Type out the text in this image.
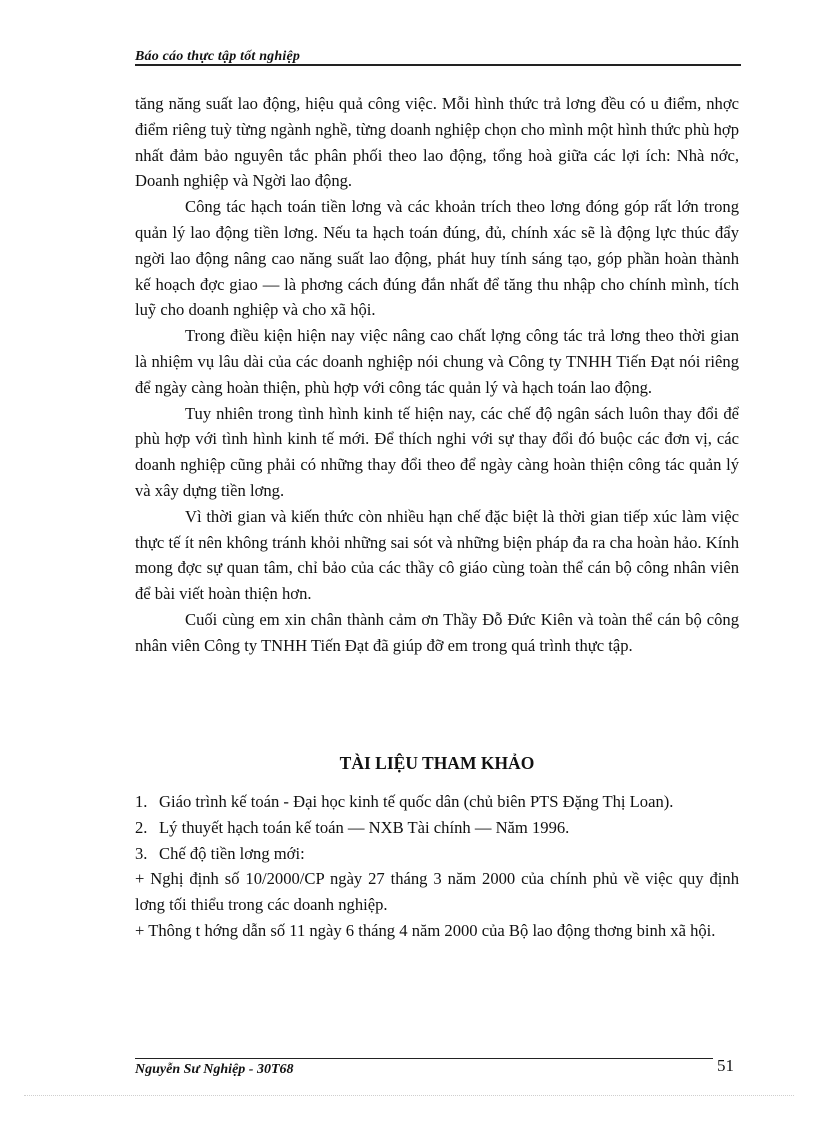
Báo cáo thực tập tốt nghiệp

tăng năng suất lao động, hiệu quả công việc. Mỗi hình thức trả lơng đều có u điểm, nhợc điểm riêng tuỳ từng ngành nghề, từng doanh nghiệp chọn cho mình một hình thức phù hợp nhất đảm bảo nguyên tắc phân phối theo lao động, tổng hoà giữa các lợi ích: Nhà nớc, Doanh nghiệp và Ngời lao động.

Công tác hạch toán tiền lơng và các khoản trích theo lơng đóng góp rất lớn trong quản lý lao động tiền lơng. Nếu ta hạch toán đúng, đủ, chính xác sẽ là động lực thúc đẩy ngời lao động nâng cao năng suất lao động, phát huy tính sáng tạo, góp phần hoàn thành kế hoạch đợc giao — là phơng cách đúng đắn nhất để tăng thu nhập cho chính mình, tích luỹ cho doanh nghiệp và cho xã hội.

Trong điều kiện hiện nay việc nâng cao chất lợng công tác trả lơng theo thời gian là nhiệm vụ lâu dài của các doanh nghiệp nói chung và Công ty TNHH Tiến Đạt nói riêng để ngày càng hoàn thiện, phù hợp với công tác quản lý và hạch toán lao động.

Tuy nhiên trong tình hình kinh tế hiện nay, các chế độ ngân sách luôn thay đổi để phù hợp với tình hình kinh tế mới. Để thích nghi với sự thay đổi đó buộc các đơn vị, các doanh nghiệp cũng phải có những thay đổi theo để ngày càng hoàn thiện công tác quản lý và xây dựng tiền lơng.

Vì thời gian và kiến thức còn nhiều hạn chế đặc biệt là thời gian tiếp xúc làm việc thực tế ít nên không tránh khỏi những sai sót và những biện pháp đa ra cha hoàn hảo. Kính mong đợc sự quan tâm, chỉ bảo của các thầy cô giáo cùng toàn thể cán bộ công nhân viên để bài viết hoàn thiện hơn.

Cuối cùng em xin chân thành cảm ơn Thầy Đỗ Đức Kiên và toàn thể cán bộ công nhân viên Công ty TNHH Tiến Đạt đã giúp đỡ em trong quá trình thực tập.

TÀI LIỆU THAM KHẢO
1. Giáo trình kế toán - Đại học kinh tế quốc dân (chủ biên PTS Đặng Thị Loan).
2. Lý thuyết hạch toán kế toán — NXB Tài chính — Năm 1996.
3. Chế độ tiền lơng mới:

+ Nghị định số 10/2000/CP ngày 27 tháng 3 năm 2000 của chính phủ về việc quy định lơng tối thiểu trong các doanh nghiệp.

+ Thông t hớng dẫn số 11 ngày 6 tháng 4 năm 2000 của Bộ lao động thơng binh xã hội.

Nguyễn Sư Nghiệp - 30T68	51
